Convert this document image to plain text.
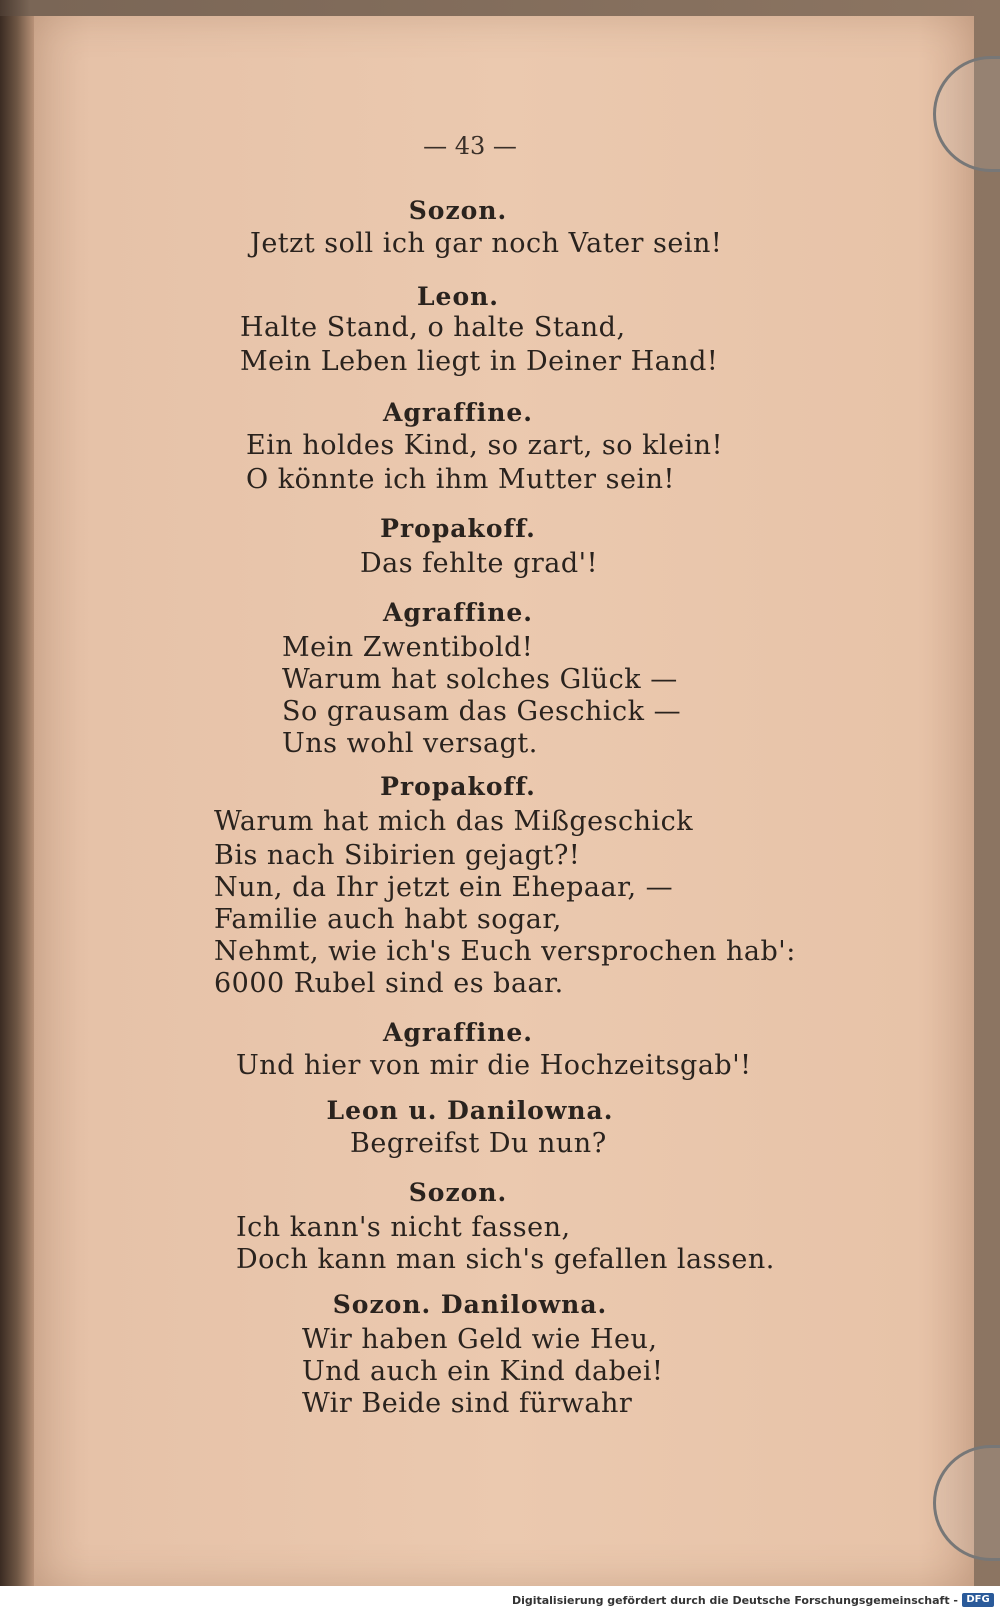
— 43 —
Sozon.
Jetzt soll ich gar noch Vater sein!
Leon.
Halte Stand, o halte Stand,
Mein Leben liegt in Deiner Hand!
Agraffine.
Ein holdes Kind, so zart, so klein!
O könnte ich ihm Mutter sein!
Propakoff.
Das fehlte grad'!
Agraffine.
Mein Zwentibold!
Warum hat solches Glück —
So grausam das Geschick —
Uns wohl versagt.
Propakoff.
Warum hat mich das Mißgeschick
Bis nach Sibirien gejagt?!
Nun, da Ihr jetzt ein Ehepaar, —
Familie auch habt sogar,
Nehmt, wie ich's Euch versprochen hab':
6000 Rubel sind es baar.
Agraffine.
Und hier von mir die Hochzeitsgab'!
Leon u. Danilowna.
Begreifst Du nun?
Sozon.
Ich kann's nicht fassen,
Doch kann man sich's gefallen lassen.
Sozon. Danilowna.
Wir haben Geld wie Heu,
Und auch ein Kind dabei!
Wir Beide sind fürwahr
Digitalisierung gefördert durch die Deutsche Forschungsgemeinschaft - DFG
